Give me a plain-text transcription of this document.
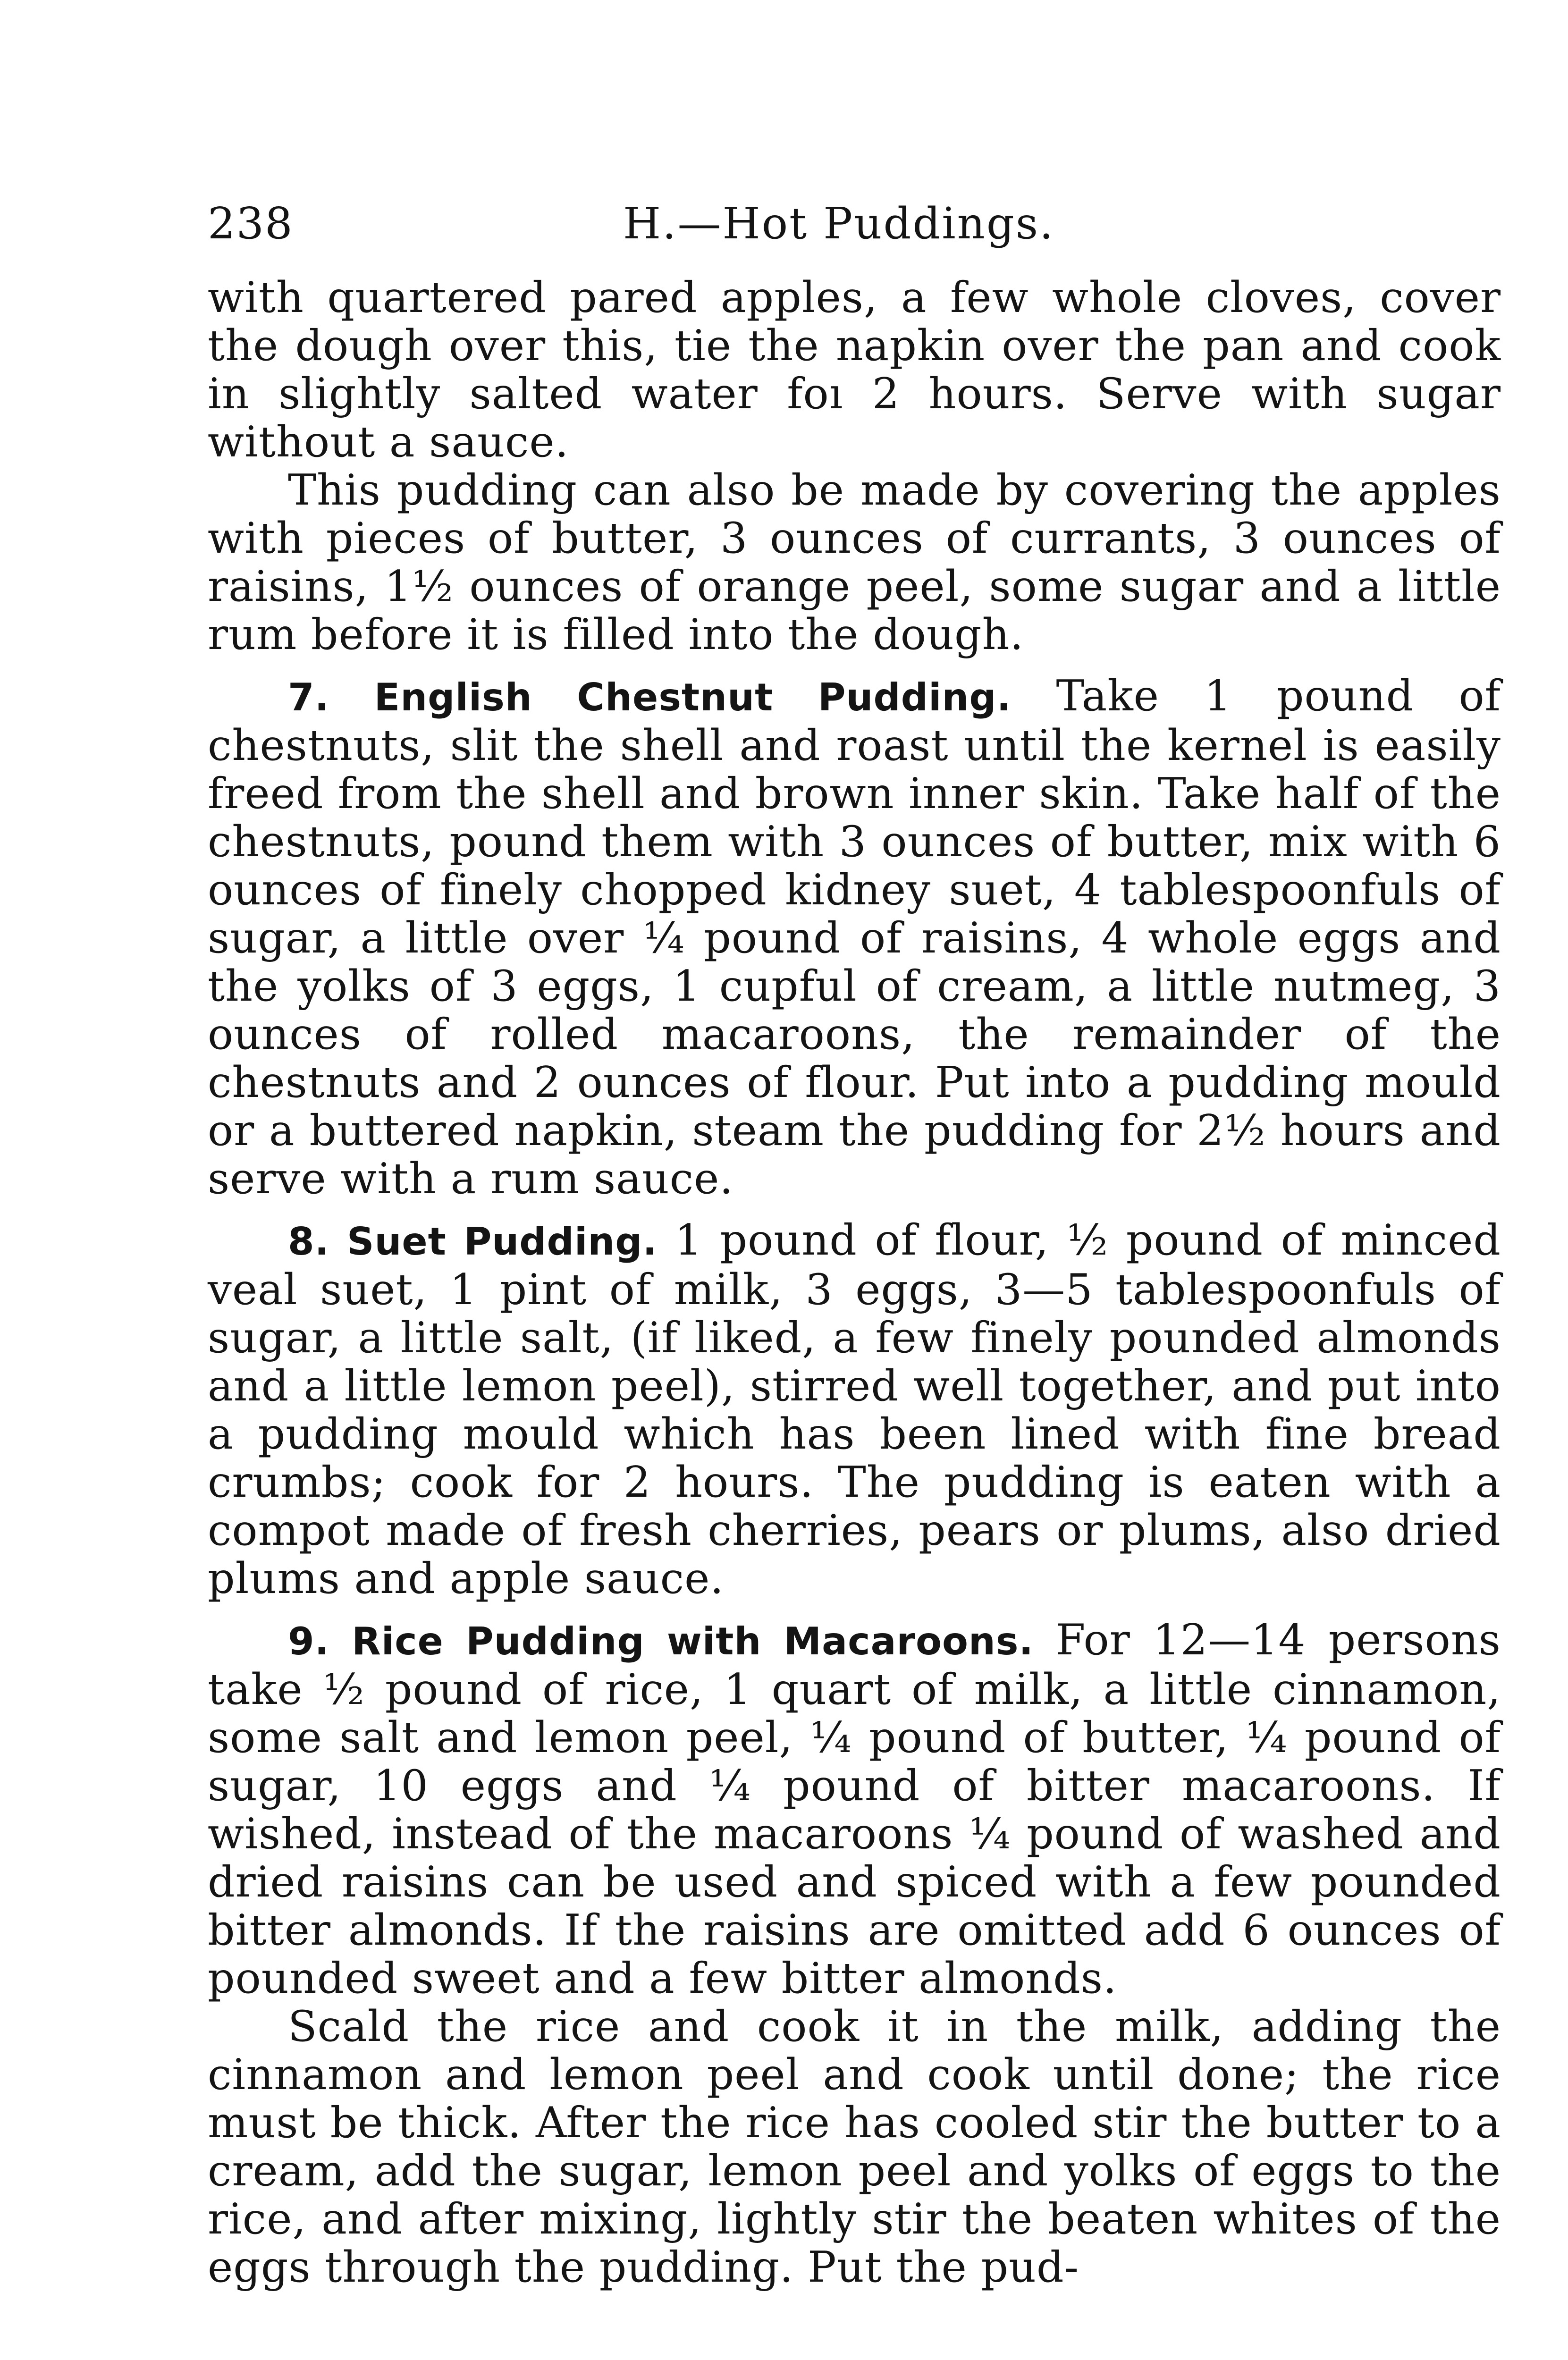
238	H.—Hot Puddings.

with quartered pared apples, a few whole cloves, cover the dough over this, tie the napkin over the pan and cook in slightly salted water foı 2 hours. Serve with sugar without a sauce.

This pudding can also be made by covering the apples with pieces of butter, 3 ounces of currants, 3 ounces of raisins, 1½ ounces of orange peel, some sugar and a little rum before it is filled into the dough.

7. English Chestnut Pudding. Take 1 pound of chestnuts, slit the shell and roast until the kernel is easily freed from the shell and brown inner skin. Take half of the chestnuts, pound them with 3 ounces of butter, mix with 6 ounces of finely chopped kidney suet, 4 tablespoonfuls of sugar, a little over ¼ pound of raisins, 4 whole eggs and the yolks of 3 eggs, 1 cupful of cream, a little nutmeg, 3 ounces of rolled macaroons, the remainder of the chestnuts and 2 ounces of flour. Put into a pudding mould or a buttered napkin, steam the pudding for 2½ hours and serve with a rum sauce.

8. Suet Pudding. 1 pound of flour, ½ pound of minced veal suet, 1 pint of milk, 3 eggs, 3—5 tablespoonfuls of sugar, a little salt, (if liked, a few finely pounded almonds and a little lemon peel), stirred well together, and put into a pudding mould which has been lined with fine bread crumbs; cook for 2 hours. The pudding is eaten with a compot made of fresh cherries, pears or plums, also dried plums and apple sauce.

9. Rice Pudding with Macaroons. For 12—14 persons take ½ pound of rice, 1 quart of milk, a little cinnamon, some salt and lemon peel, ¼ pound of butter, ¼ pound of sugar, 10 eggs and ¼ pound of bitter macaroons. If wished, instead of the macaroons ¼ pound of washed and dried raisins can be used and spiced with a few pounded bitter almonds. If the raisins are omitted add 6 ounces of pounded sweet and a few bitter almonds.

Scald the rice and cook it in the milk, adding the cinnamon and lemon peel and cook until done; the rice must be thick. After the rice has cooled stir the butter to a cream, add the sugar, lemon peel and yolks of eggs to the rice, and after mixing, lightly stir the beaten whites of the eggs through the pudding. Put the pud-
